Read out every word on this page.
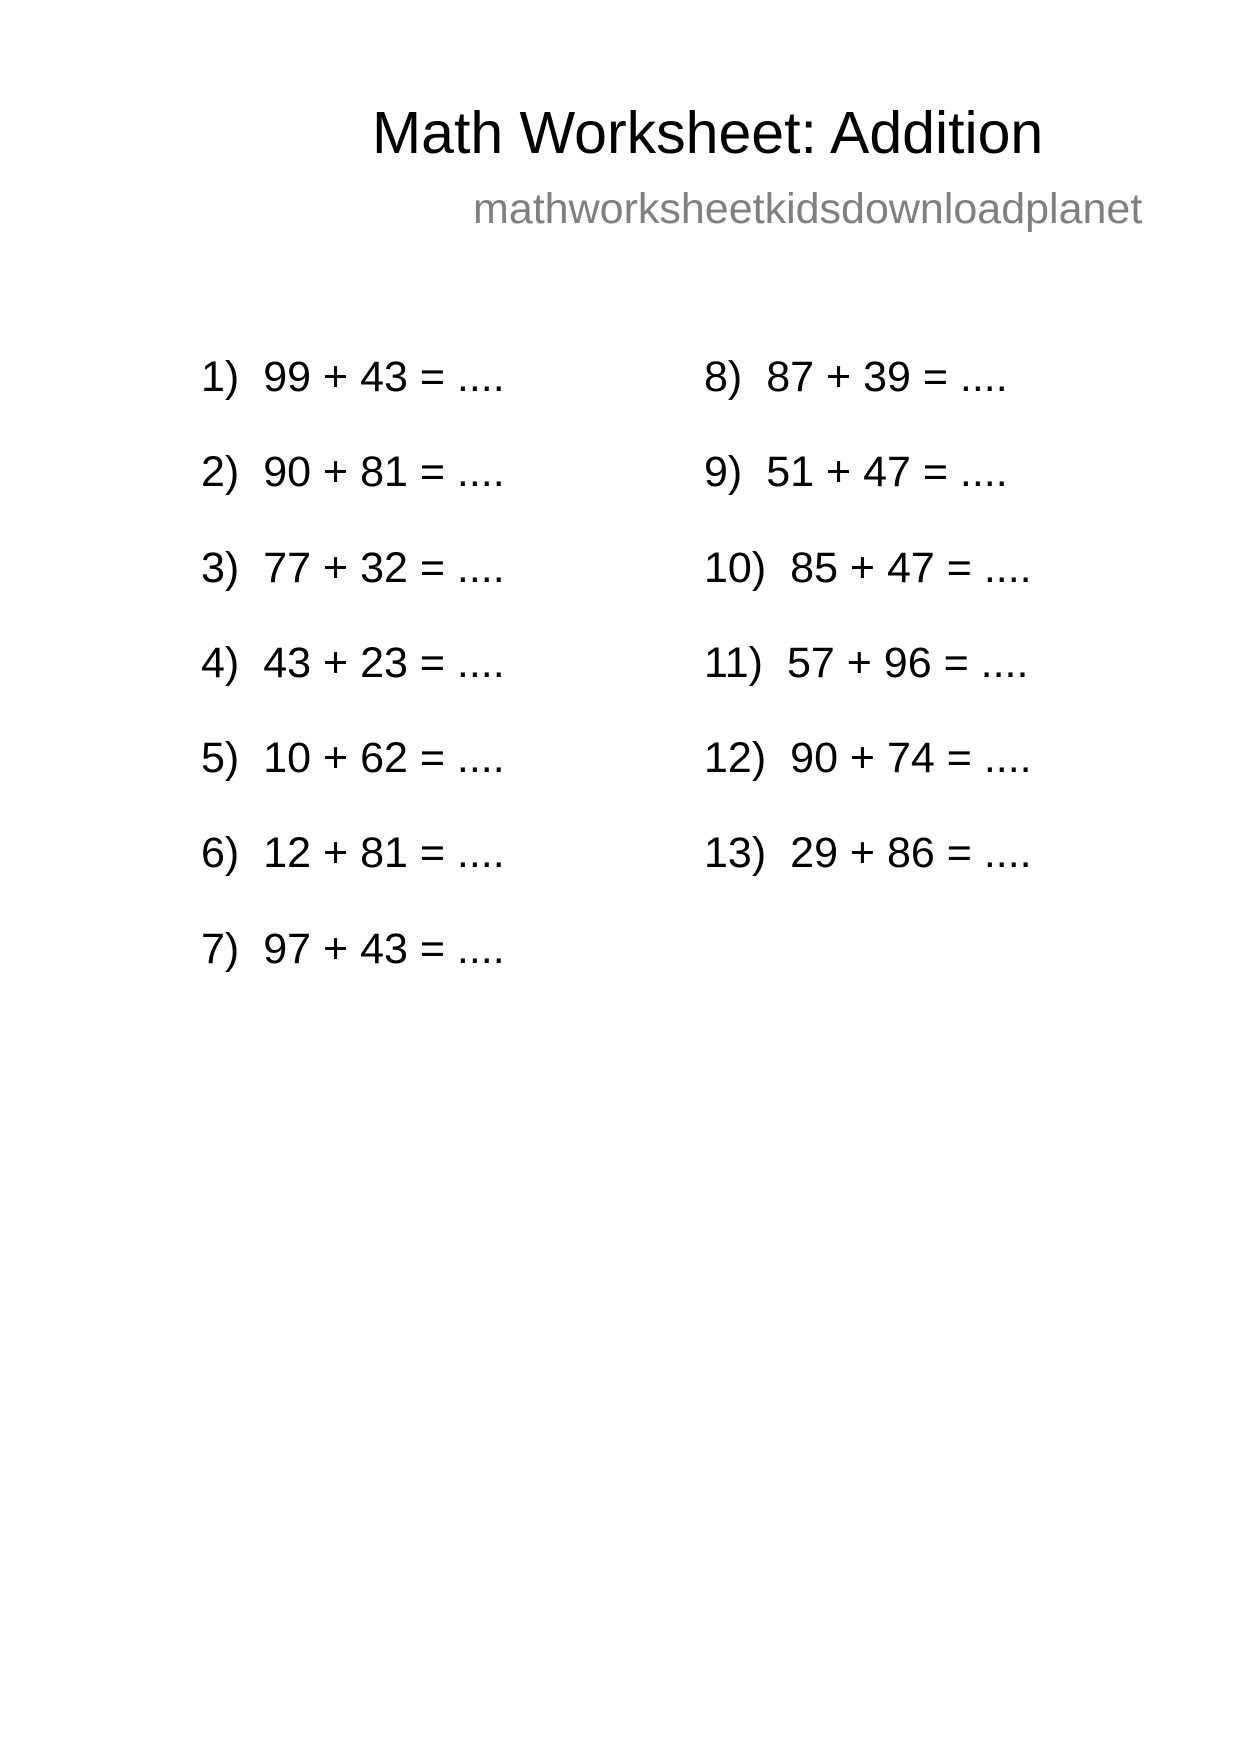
Math Worksheet: Addition
mathworksheetkidsdownloadplanet
1) 99 + 43 = ....
2) 90 + 81 = ....
3) 77 + 32 = ....
4) 43 + 23 = ....
5) 10 + 62 = ....
6) 12 + 81 = ....
7) 97 + 43 = ....
8) 87 + 39 = ....
9) 51 + 47 = ....
10) 85 + 47 = ....
11) 57 + 96 = ....
12) 90 + 74 = ....
13) 29 + 86 = ....
